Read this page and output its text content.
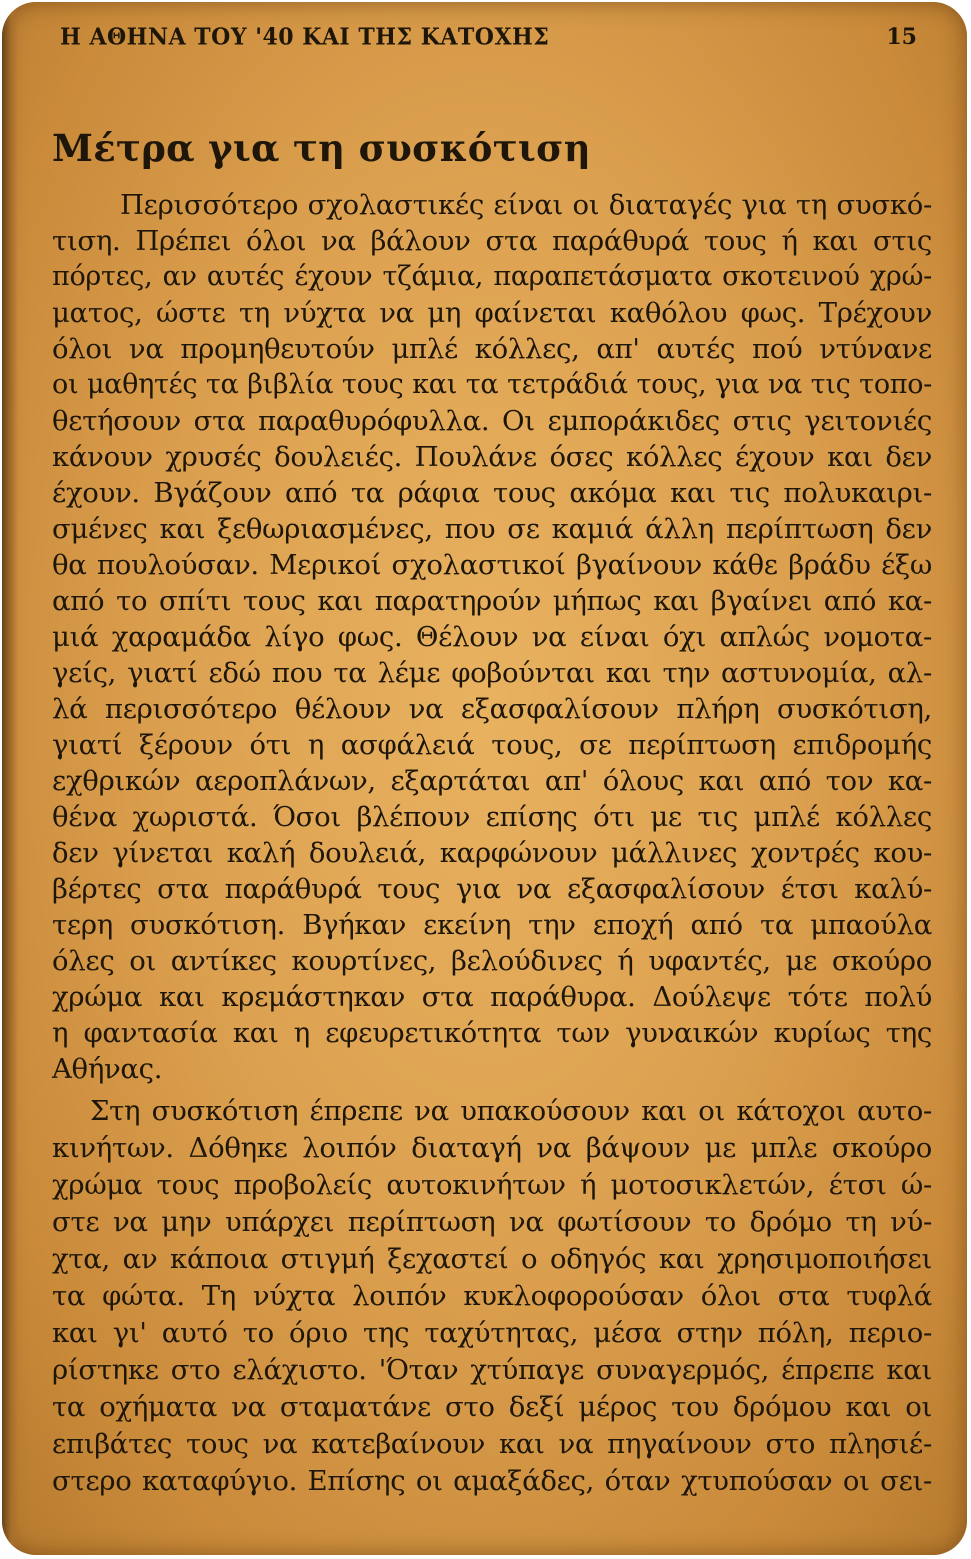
Η ΑΘΗΝΑ ΤΟΥ '40 ΚΑΙ ΤΗΣ ΚΑΤΟΧΗΣ	15
Μέτρα για τη συσκότιση
Περισσότερο σχολαστικές είναι οι διαταγές για τη συσκό-
τιση. Πρέπει όλοι να βάλουν στα παράθυρά τους ή και στις
πόρτες, αν αυτές έχουν τζάμια, παραπετάσματα σκοτεινού χρώ-
ματος, ώστε τη νύχτα να μη φαίνεται καθόλου φως. Τρέχουν
όλοι να προμηθευτούν μπλέ κόλλες, απ' αυτές πού ντύνανε
οι μαθητές τα βιβλία τους και τα τετράδιά τους, για να τις τοπο-
θετήσουν στα παραθυρόφυλλα. Οι εμποράκιδες στις γειτονιές
κάνουν χρυσές δουλειές. Πουλάνε όσες κόλλες έχουν και δεν
έχουν. Βγάζουν από τα ράφια τους ακόμα και τις πολυκαιρι-
σμένες και ξεθωριασμένες, που σε καμιά άλλη περίπτωση δεν
θα πουλούσαν. Μερικοί σχολαστικοί βγαίνουν κάθε βράδυ έξω
από το σπίτι τους και παρατηρούν μήπως και βγαίνει από κα-
μιά χαραμάδα λίγο φως. Θέλουν να είναι όχι απλώς νομοτα-
γείς, γιατί εδώ που τα λέμε φοβούνται και την αστυνομία, αλ-
λά περισσότερο θέλουν να εξασφαλίσουν πλήρη συσκότιση,
γιατί ξέρουν ότι η ασφάλειά τους, σε περίπτωση επιδρομής
εχθρικών αεροπλάνων, εξαρτάται απ' όλους και από τον κα-
θένα χωριστά. Όσοι βλέπουν επίσης ότι με τις μπλέ κόλλες
δεν γίνεται καλή δουλειά, καρφώνουν μάλλινες χοντρές κου-
βέρτες στα παράθυρά τους για να εξασφαλίσουν έτσι καλύ-
τερη συσκότιση. Βγήκαν εκείνη την εποχή από τα μπαούλα
όλες οι αντίκες κουρτίνες, βελούδινες ή υφαντές, με σκούρο
χρώμα και κρεμάστηκαν στα παράθυρα. Δούλεψε τότε πολύ
η φαντασία και η εφευρετικότητα των γυναικών κυρίως της
Αθήνας.
Στη συσκότιση έπρεπε να υπακούσουν και οι κάτοχοι αυτο-
κινήτων. Δόθηκε λοιπόν διαταγή να βάψουν με μπλε σκούρο
χρώμα τους προβολείς αυτοκινήτων ή μοτοσικλετών, έτσι ώ-
στε να μην υπάρχει περίπτωση να φωτίσουν το δρόμο τη νύ-
χτα, αν κάποια στιγμή ξεχαστεί ο οδηγός και χρησιμοποιήσει
τα φώτα. Τη νύχτα λοιπόν κυκλοφορούσαν όλοι στα τυφλά
και γι' αυτό το όριο της ταχύτητας, μέσα στην πόλη, περιο-
ρίστηκε στο ελάχιστο. 'Όταν χτύπαγε συναγερμός, έπρεπε και
τα οχήματα να σταματάνε στο δεξί μέρος του δρόμου και οι
επιβάτες τους να κατεβαίνουν και να πηγαίνουν στο πλησιέ-
στερο καταφύγιο. Επίσης οι αμαξάδες, όταν χτυπούσαν οι σει-
